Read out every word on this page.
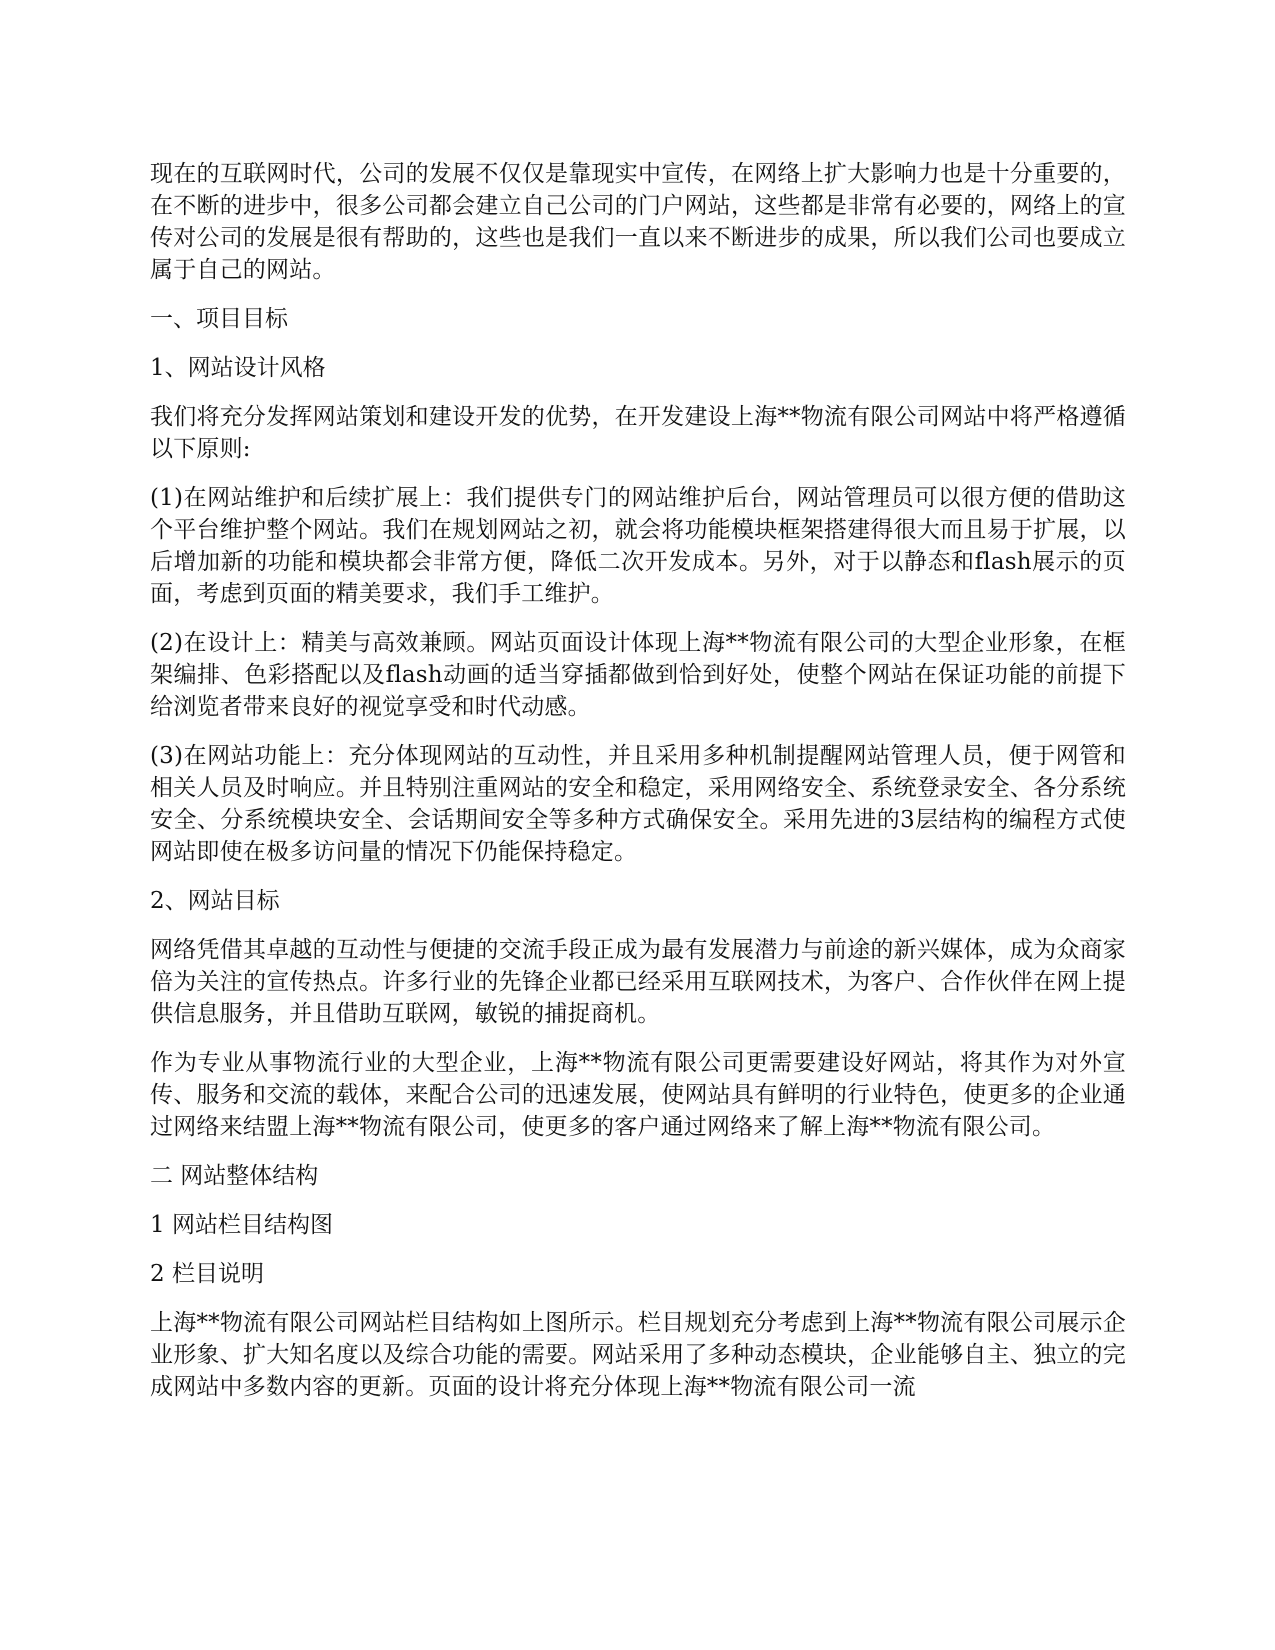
现在的互联网时代，公司的发展不仅仅是靠现实中宣传，在网络上扩大影响力也是十分重要的，在不断的进步中，很多公司都会建立自己公司的门户网站，这些都是非常有必要的，网络上的宣传对公司的发展是很有帮助的，这些也是我们一直以来不断进步的成果，所以我们公司也要成立属于自己的网站。

一、项目目标

1、网站设计风格

我们将充分发挥网站策划和建设开发的优势，在开发建设上海**物流有限公司网站中将严格遵循以下原则:

(1)在网站维护和后续扩展上：我们提供专门的网站维护后台，网站管理员可以很方便的借助这个平台维护整个网站。我们在规划网站之初，就会将功能模块框架搭建得很大而且易于扩展，以后增加新的功能和模块都会非常方便，降低二次开发成本。另外，对于以静态和flash展示的页面，考虑到页面的精美要求，我们手工维护。

(2)在设计上：精美与高效兼顾。网站页面设计体现上海**物流有限公司的大型企业形象，在框架编排、色彩搭配以及flash动画的适当穿插都做到恰到好处，使整个网站在保证功能的前提下给浏览者带来良好的视觉享受和时代动感。

(3)在网站功能上：充分体现网站的互动性，并且采用多种机制提醒网站管理人员，便于网管和相关人员及时响应。并且特别注重网站的安全和稳定，采用网络安全、系统登录安全、各分系统安全、分系统模块安全、会话期间安全等多种方式确保安全。采用先进的3层结构的编程方式使网站即使在极多访问量的情况下仍能保持稳定。

2、网站目标

网络凭借其卓越的互动性与便捷的交流手段正成为最有发展潜力与前途的新兴媒体，成为众商家倍为关注的宣传热点。许多行业的先锋企业都已经采用互联网技术，为客户、合作伙伴在网上提供信息服务，并且借助互联网，敏锐的捕捉商机。

作为专业从事物流行业的大型企业，上海**物流有限公司更需要建设好网站，将其作为对外宣传、服务和交流的载体，来配合公司的迅速发展，使网站具有鲜明的行业特色，使更多的企业通过网络来结盟上海**物流有限公司，使更多的客户通过网络来了解上海**物流有限公司。

二 网站整体结构

1 网站栏目结构图

2 栏目说明

上海**物流有限公司网站栏目结构如上图所示。栏目规划充分考虑到上海**物流有限公司展示企业形象、扩大知名度以及综合功能的需要。网站采用了多种动态模块，企业能够自主、独立的完成网站中多数内容的更新。页面的设计将充分体现上海**物流有限公司一流
